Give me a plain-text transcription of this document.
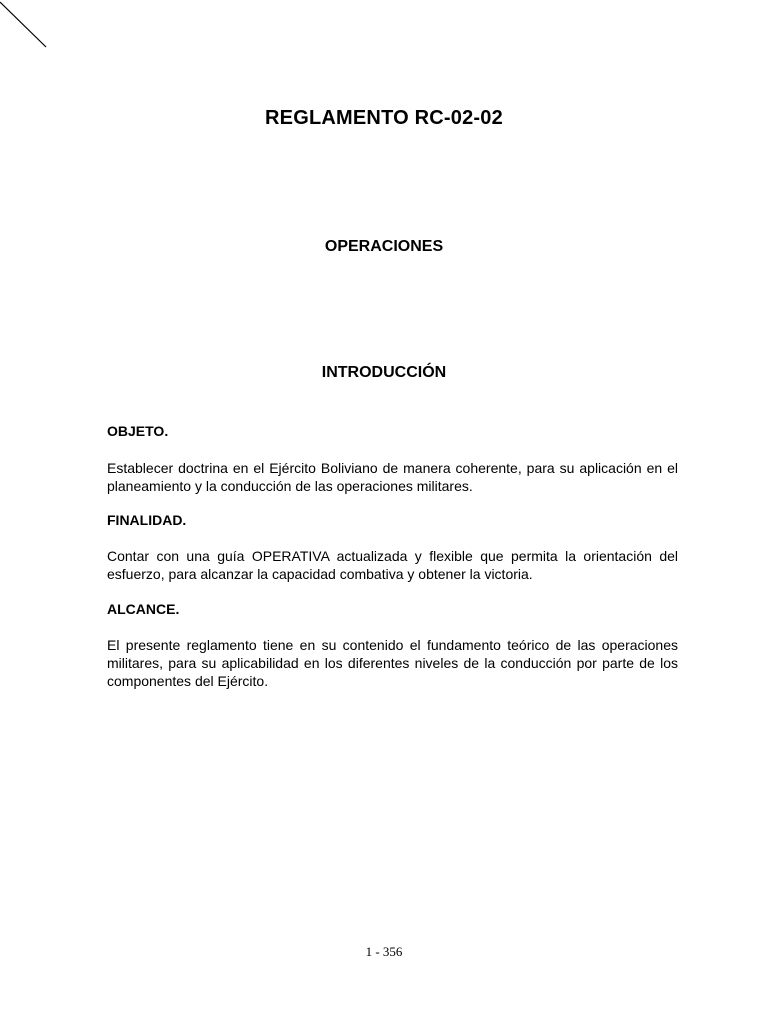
REGLAMENTO RC-02-02
OPERACIONES
INTRODUCCIÓN
OBJETO.

Establecer doctrina en el Ejército Boliviano de manera coherente, para su aplicación en el planeamiento y la conducción de las operaciones militares.

FINALIDAD.

Contar con una guía OPERATIVA actualizada y flexible que permita la orientación del esfuerzo, para alcanzar la capacidad combativa y obtener la victoria.

ALCANCE.

El presente reglamento tiene en su contenido el fundamento teórico de las operaciones militares, para su aplicabilidad en los diferentes niveles de la conducción por parte de los componentes del Ejército.

1 - 356
